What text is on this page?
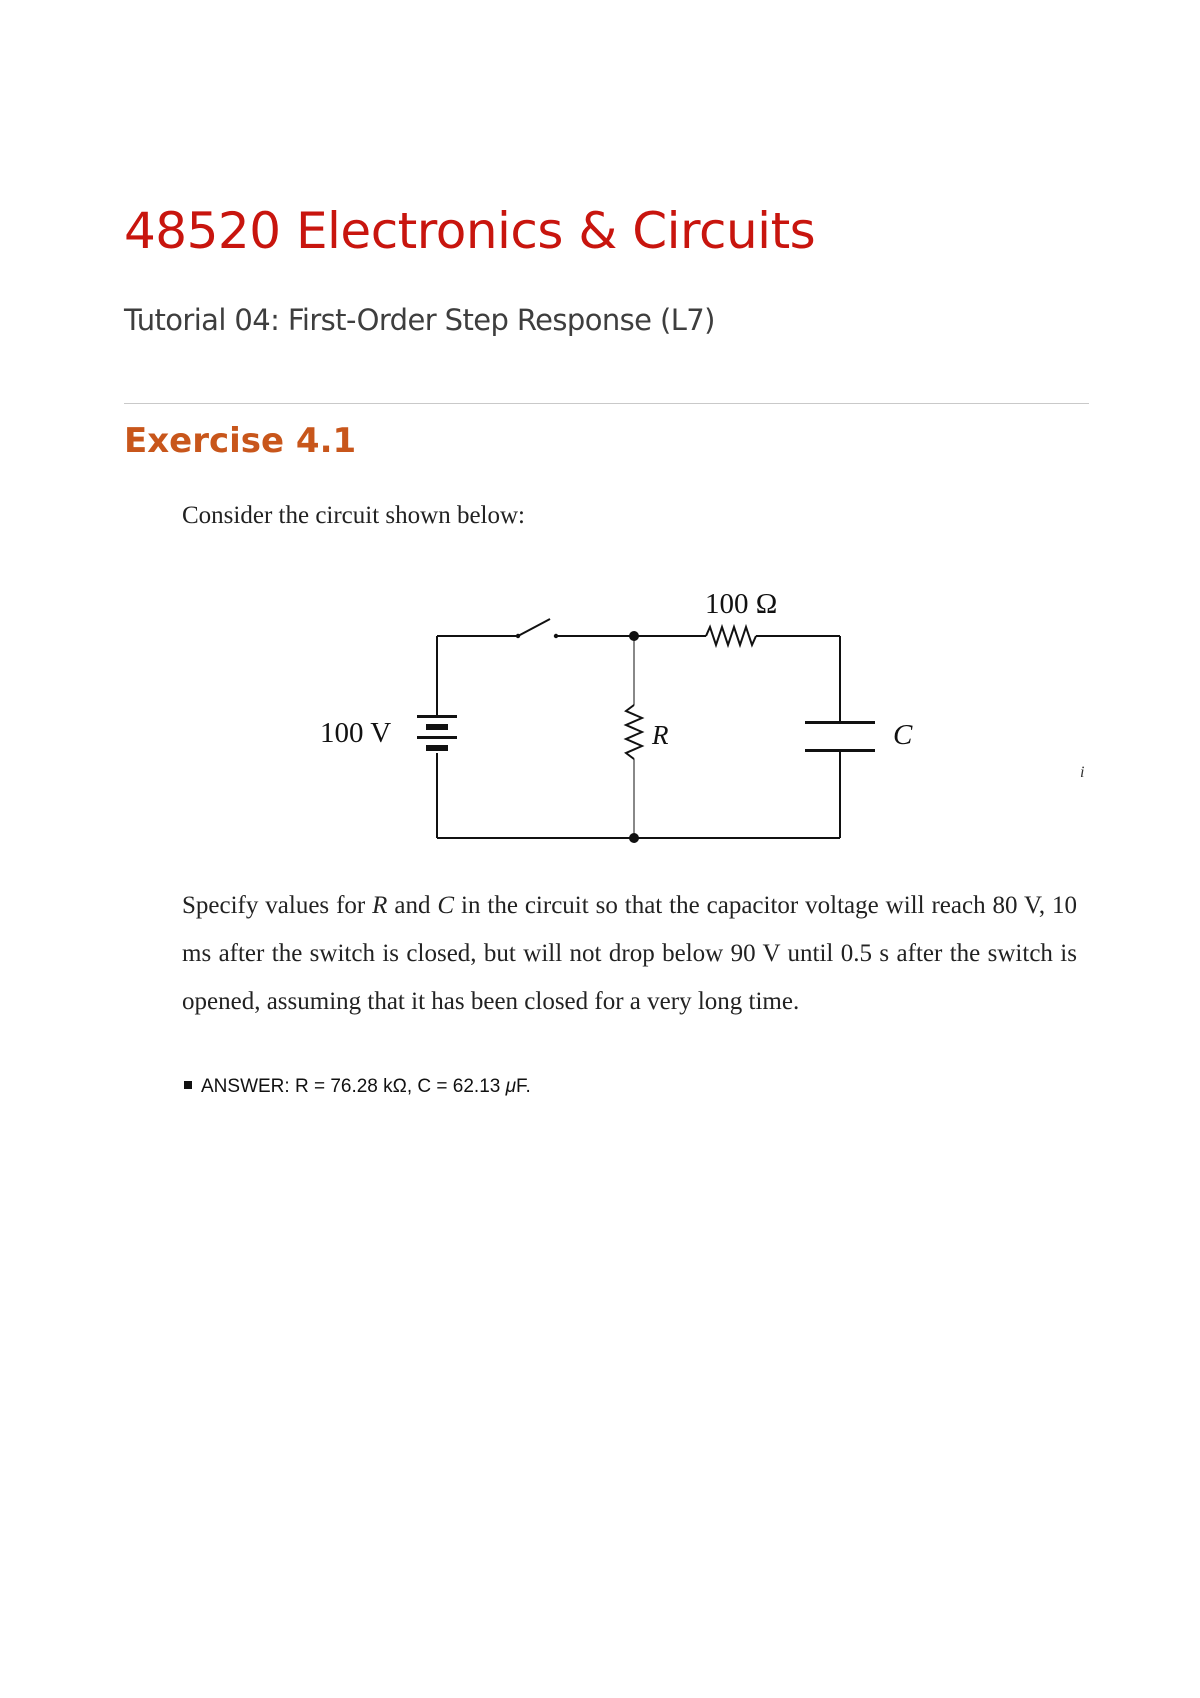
48520 Electronics & Circuits
Tutorial 04: First-Order Step Response (L7)
Exercise 4.1

Consider the circuit shown below:

100 V
100 Ω
R	C
i

Specify values for R and C in the circuit so that the capacitor voltage will reach 80 V, 10 ms after the switch is closed, but will not drop below 90 V until 0.5 s after the switch is opened, assuming that it has been closed for a very long time.

ANSWER: R = 76.28 kΩ, C = 62.13 μF.
